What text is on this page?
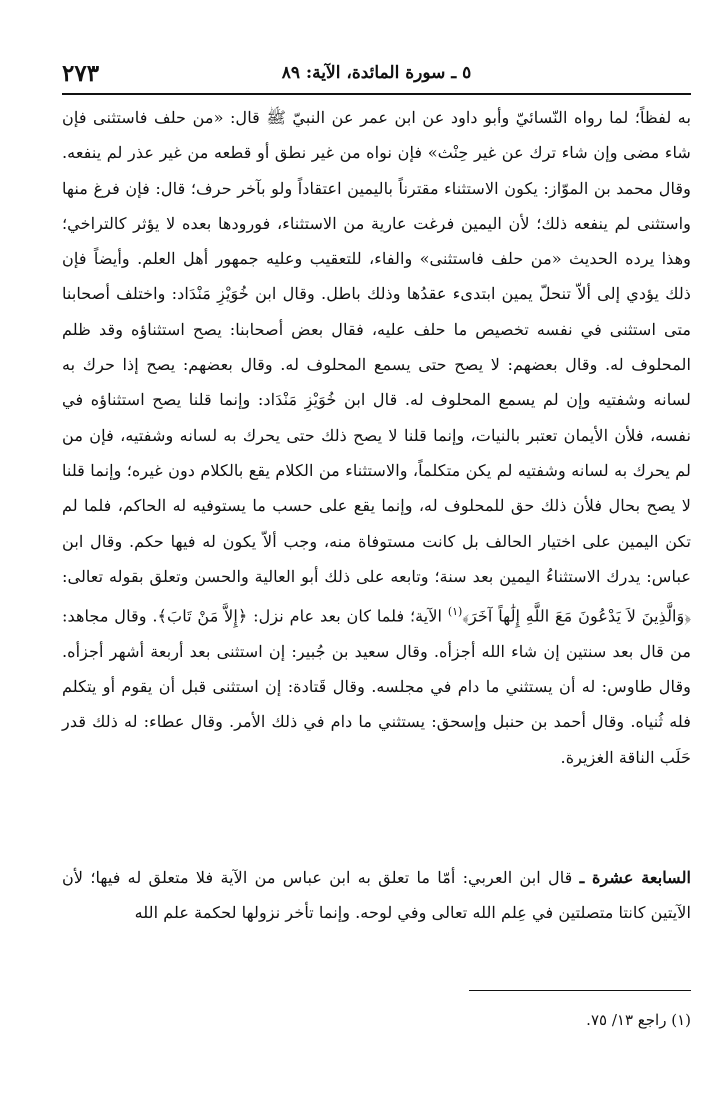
٢٧٣	٥ ـ سورة المائدة، الآية: ٨٩

به لفظاً؛ لما رواه النّسائيّ وأبو داود عن ابن عمر عن النبيّ ﷺ قال: «من حلف فاستثنى فإن شاء مضى وإن شاء ترك عن غير حِنْث» فإن نواه من غير نطق أو قطعه من غير عذر لم ينفعه. وقال محمد بن الموّاز: يكون الاستثناء مقترناً باليمين اعتقاداً ولو بآخر حرف؛ قال: فإن فرغ منها واستثنى لم ينفعه ذلك؛ لأن اليمين فرغت عارية من الاستثناء، فورودها بعده لا يؤثر كالتراخي؛ وهذا يرده الحديث «من حلف فاستثنى» والفاء، للتعقيب وعليه جمهور أهل العلم. وأيضاً فإن ذلك يؤدي إلى ألاّ تنحلّ يمين ابتدىء عقدُها وذلك باطل. وقال ابن خُوَيْزِ مَنْدَاد: واختلف أصحابنا متى استثنى في نفسه تخصيص ما حلف عليه، فقال بعض أصحابنا: يصح استثناؤه وقد ظلم المحلوف له. وقال بعضهم: لا يصح حتى يسمع المحلوف له. وقال بعضهم: يصح إذا حرك به لسانه وشفتيه وإن لم يسمع المحلوف له. قال ابن خُوَيْزِ مَنْدَاد: وإنما قلنا يصح استثناؤه في نفسه، فلأن الأيمان تعتبر بالنيات، وإنما قلنا لا يصح ذلك حتى يحرك به لسانه وشفتيه، فإن من لم يحرك به لسانه وشفتيه لم يكن متكلماً، والاستثناء من الكلام يقع بالكلام دون غيره؛ وإنما قلنا لا يصح بحال فلأن ذلك حق للمحلوف له، وإنما يقع على حسب ما يستوفيه له الحاكم، فلما لم تكن اليمين على اختيار الحالف بل كانت مستوفاة منه، وجب ألاّ يكون له فيها حكم. وقال ابن عباس: يدرك الاستثناءُ اليمين بعد سنة؛ وتابعه على ذلك أبو العالية والحسن وتعلق بقوله تعالى: ﴿وَالَّذِينَ لاَ يَدْعُونَ مَعَ اللَّهِ إِلَٰهاً آخَرَ﴾$^{(١)}$ الآية؛ فلما كان بعد عام نزل: ﴿إِلاَّ مَنْ تَابَ﴾. وقال مجاهد: من قال بعد سنتين إن شاء الله أجزأه. وقال سعيد بن جُبير: إن استثنى بعد أربعة أشهر أجزأه. وقال طاوس: له أن يستثني ما دام في مجلسه. وقال قَتادة: إن استثنى قبل أن يقوم أو يتكلم فله ثُنياه. وقال أحمد بن حنبل وإسحق: يستثني ما دام في ذلك الأمر. وقال عطاء: له ذلك قدر حَلَب الناقة الغزيرة.

السابعة عشرة ـ قال ابن العربي: أمّا ما تعلق به ابن عباس من الآية فلا متعلق له فيها؛ لأن الآيتين كانتا متصلتين في عِلم الله تعالى وفي لوحه. وإنما تأخر نزولها لحكمة علم الله

(١) راجع ١٣/ ٧٥.
